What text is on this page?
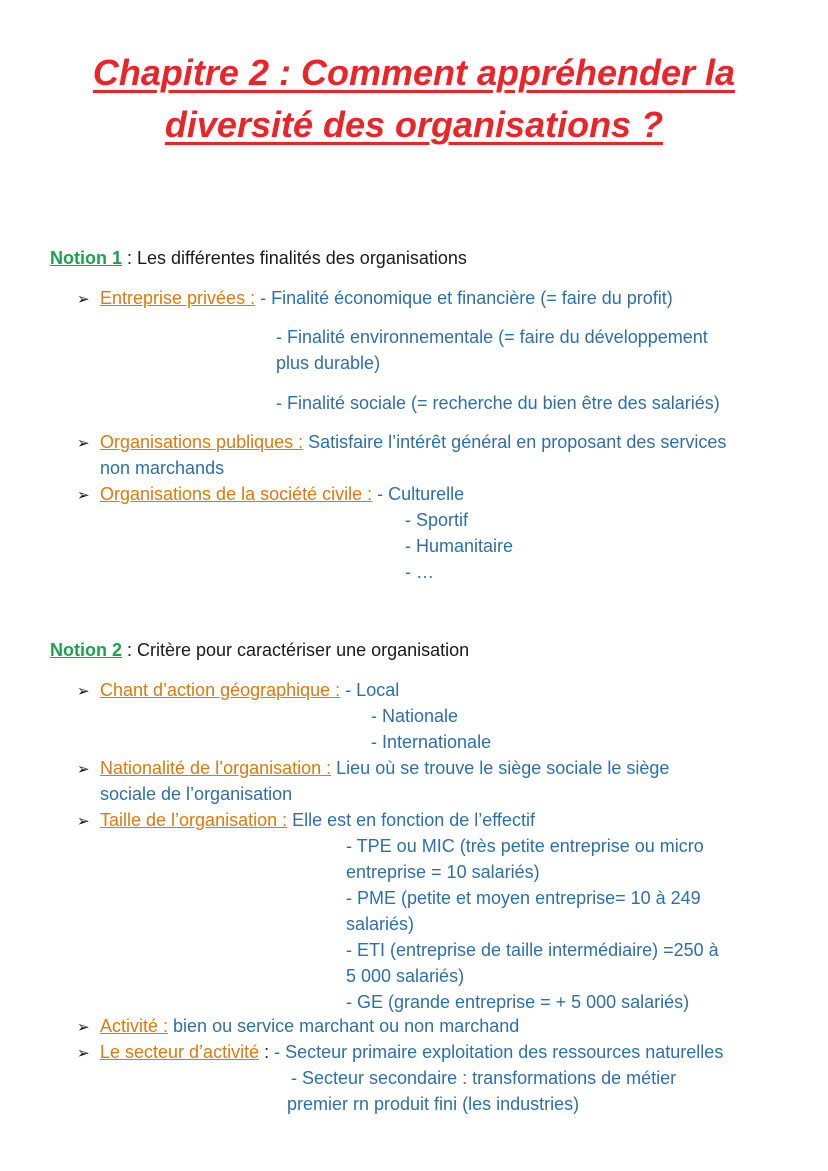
Chapitre 2 : Comment appréhender la
diversité des organisations ?
Notion 1 : Les différentes finalités des organisations
➢ Entreprise privées : - Finalité économique et financière (= faire du profit)
- Finalité environnementale (= faire du développement
plus durable)
- Finalité sociale (= recherche du bien être des salariés)
➢ Organisations publiques : Satisfaire l’intérêt général en proposant des services
non marchands
➢ Organisations de la société civile : - Culturelle
- Sportif
- Humanitaire
- …
Notion 2 : Critère pour caractériser une organisation
➢ Chant d’action géographique : - Local
- Nationale
- Internationale
➢ Nationalité de l’organisation : Lieu où se trouve le siège sociale le siège
sociale de l’organisation
➢ Taille de l’organisation : Elle est en fonction de l’effectif
- TPE ou MIC (très petite entreprise ou micro
entreprise = 10 salariés)
- PME (petite et moyen entreprise= 10 à 249
salariés)
- ETI (entreprise de taille intermédiaire) =250 à
5 000 salariés)
- GE (grande entreprise = + 5 000 salariés)
➢ Activité : bien ou service marchant ou non marchand
➢ Le secteur d’activité : - Secteur primaire exploitation des ressources naturelles
- Secteur secondaire : transformations de métier
premier rn produit fini (les industries)
